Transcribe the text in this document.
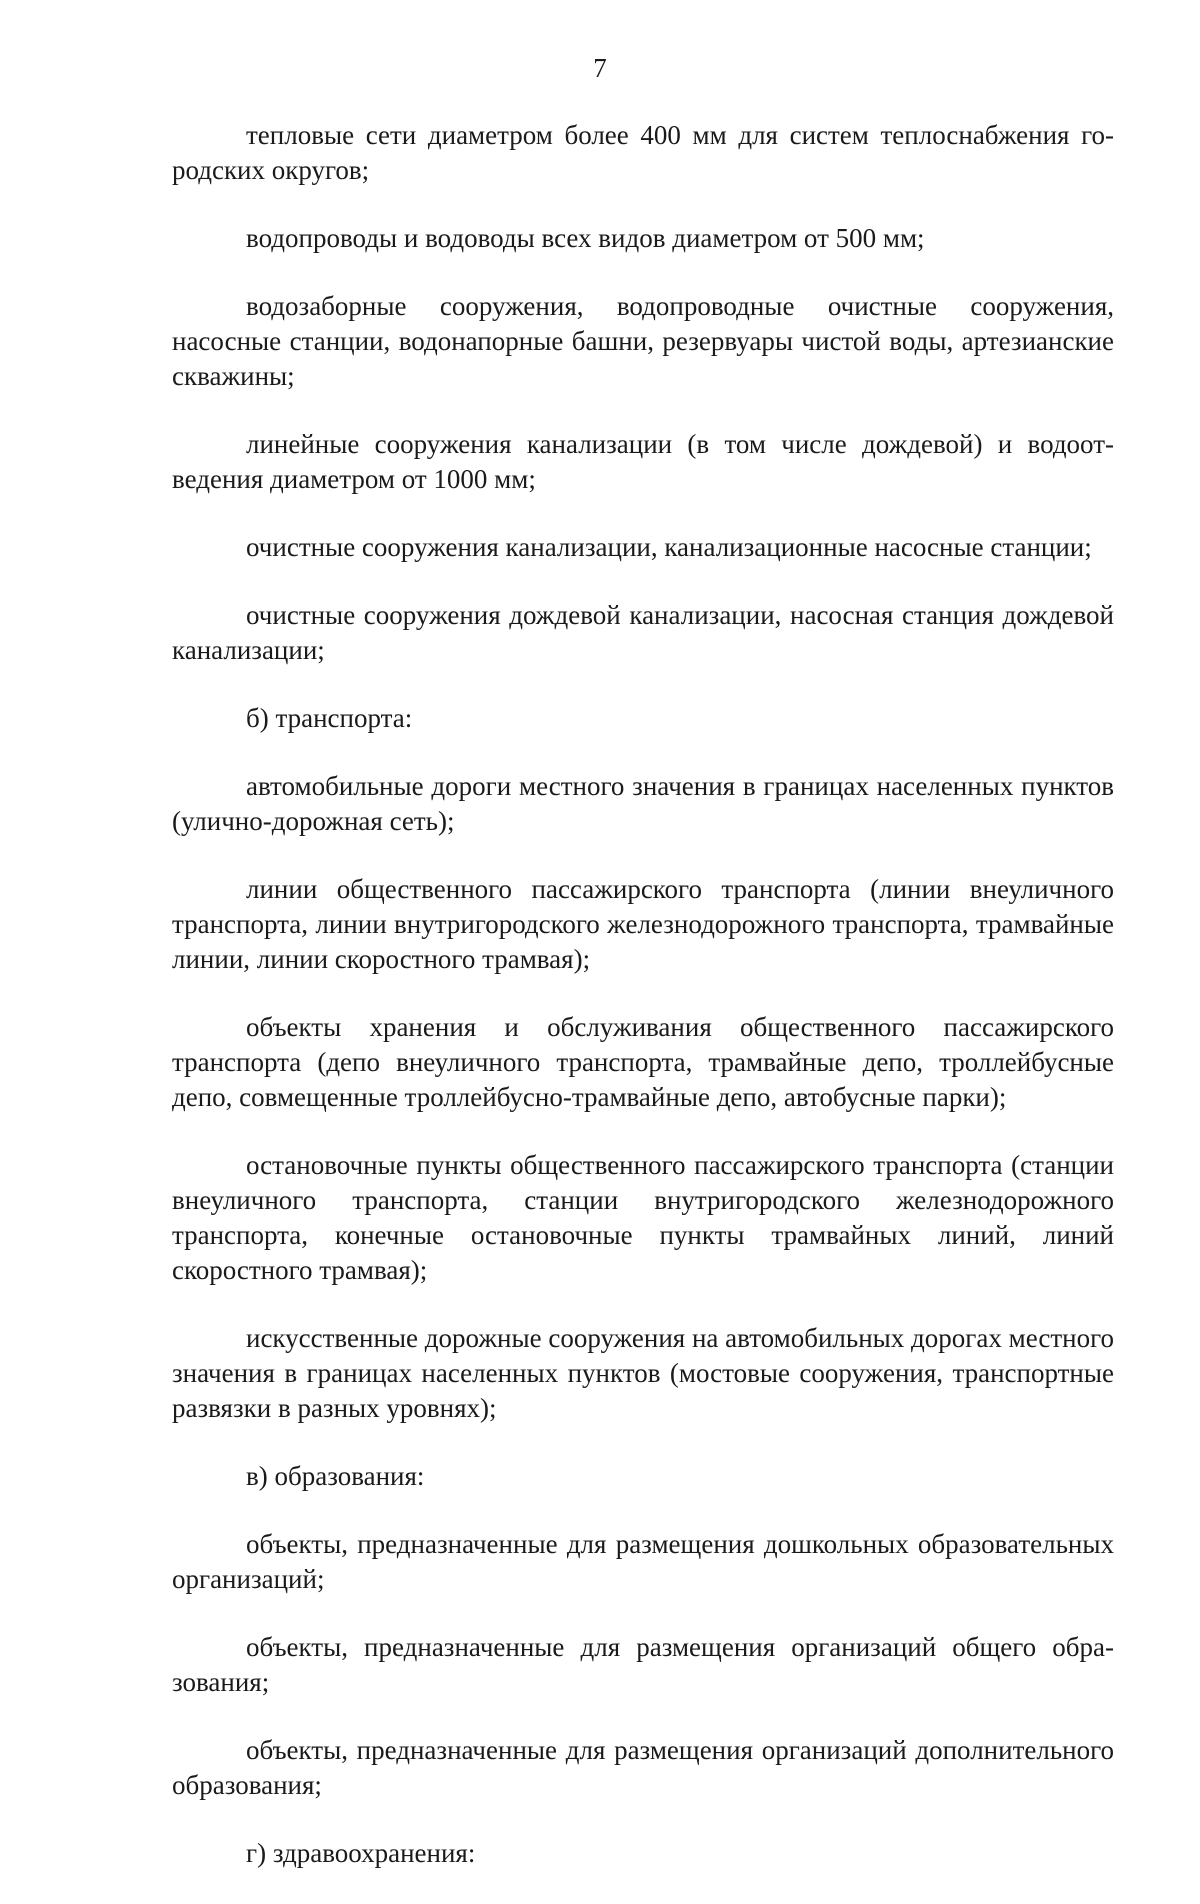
7

тепловые сети диаметром более 400 мм для систем теплоснабжения городских округов;

водопроводы и водоводы всех видов диаметром от 500 мм;

водозаборные сооружения, водопроводные очистные сооружения, насосные станции, водонапорные башни, резервуары чистой воды, артезианские скважины;

линейные сооружения канализации (в том числе дождевой) и водоотведения диаметром от 1000 мм;

очистные сооружения канализации, канализационные насосные станции;

очистные сооружения дождевой канализации, насосная станция дождевой канализации;

б) транспорта:

автомобильные дороги местного значения в границах населенных пунктов (улично-дорожная сеть);

линии общественного пассажирского транспорта (линии внеуличного транспорта, линии внутригородского железнодорожного транспорта, трамвайные линии, линии скоростного трамвая);

объекты хранения и обслуживания общественного пассажирского транспорта (депо внеуличного транспорта, трамвайные депо, троллейбусные депо, совмещенные троллейбусно-трамвайные депо, автобусные парки);

остановочные пункты общественного пассажирского транспорта (станции внеуличного транспорта, станции внутригородского железнодорожного транспорта, конечные остановочные пункты трамвайных линий, линий скоростного трамвая);

искусственные дорожные сооружения на автомобильных дорогах местного значения в границах населенных пунктов (мостовые сооружения, транспортные развязки в разных уровнях);

в) образования:

объекты, предназначенные для размещения дошкольных образовательных организаций;

объекты, предназначенные для размещения организаций общего образования;

объекты, предназначенные для размещения организаций дополнительного образования;

г) здравоохранения:
